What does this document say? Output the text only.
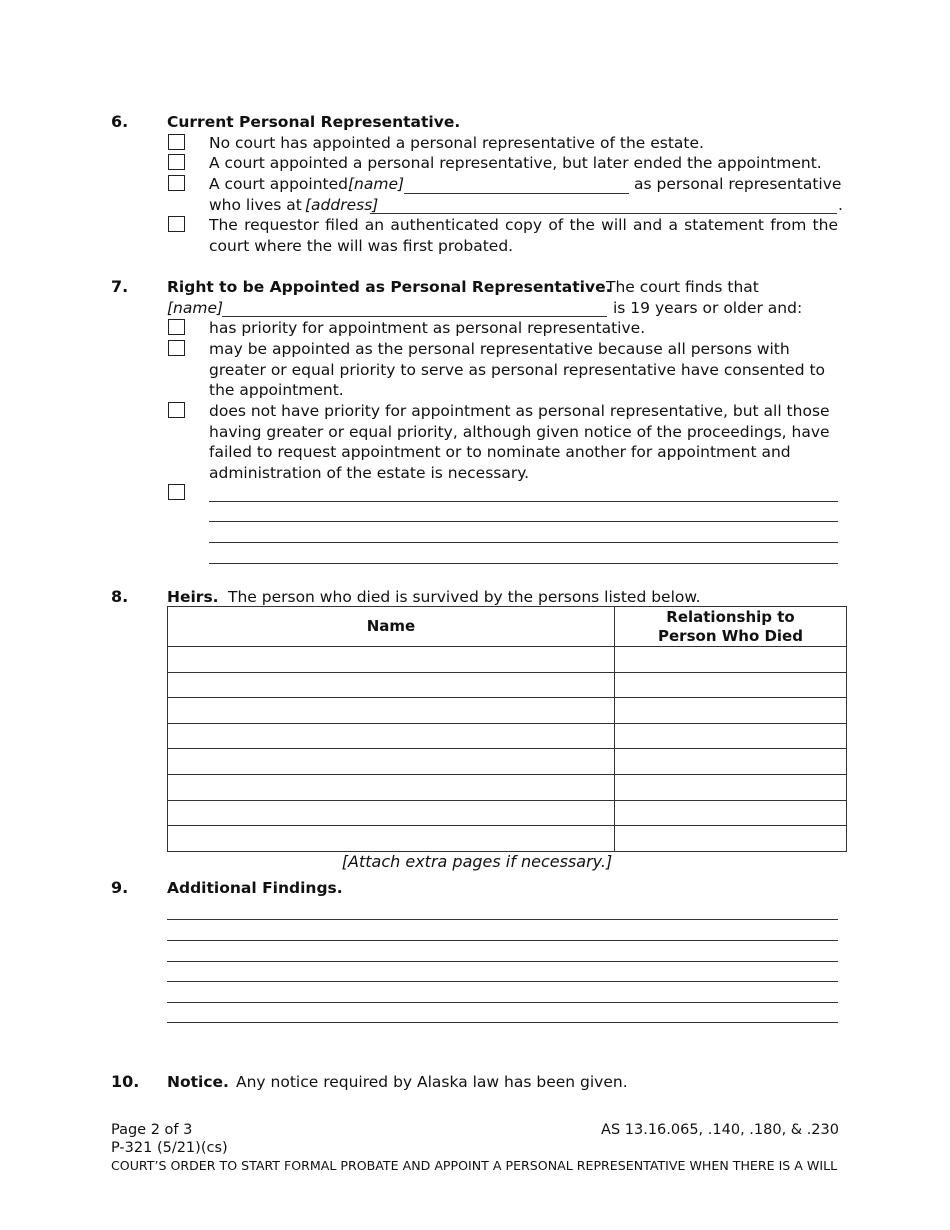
6.	Current Personal Representative.
No court has appointed a personal representative of the estate.
A court appointed a personal representative, but later ended the appointment.
A court appointed [name]	as personal representative
who lives at [address]	.
The requestor filed an authenticated copy of the will and a statement from the court where the will was first probated.
7.	Right to be Appointed as Personal Representative.
The court finds that
[name]	is 19 years or older and:
has priority for appointment as personal representative.
may be appointed as the personal representative because all persons with greater or equal priority to serve as personal representative have consented to the appointment.
does not have priority for appointment as personal representative, but all those having greater or equal priority, although given notice of the proceedings, have failed to request appointment or to nominate another for appointment and administration of the estate is necessary.
8.	Heirs. The person who died is survived by the persons listed below.
Name	Relationship to Person Who Died

[Attach extra pages if necessary.]
9.	Additional Findings.
10. Notice. Any notice required by Alaska law has been given.
Page 2 of 3	AS 13.16.065, .140, .180, & .230
P-321 (5/21)(cs)
COURT’S ORDER TO START FORMAL PROBATE AND APPOINT A PERSONAL REPRESENTATIVE WHEN THERE IS A WILL
